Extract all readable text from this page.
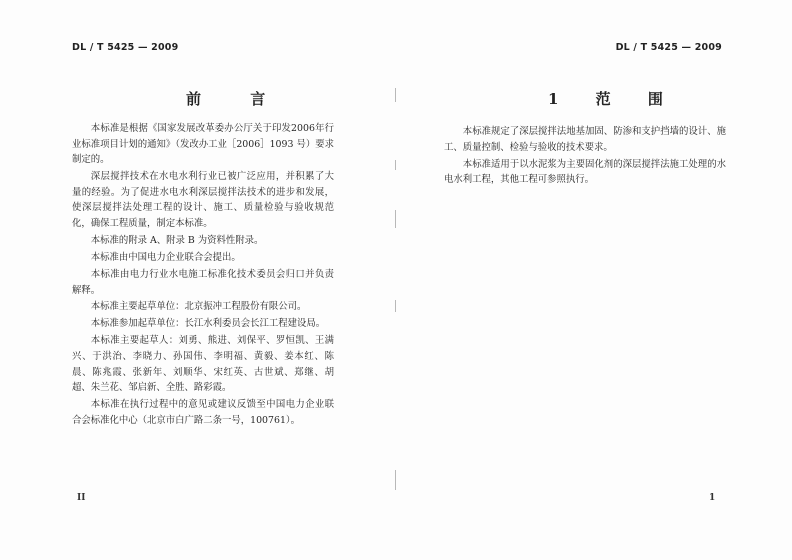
DL / T 5425 — 2009
前 言

本标准是根据《国家发展改革委办公厅关于印发2006年行业标准项目计划的通知》（发改办工业［2006］1093 号）要求制定的。

深层搅拌技术在水电水利行业已被广泛应用，并积累了大量的经验。为了促进水电水利深层搅拌法技术的进步和发展，使深层搅拌法处理工程的设计、施工、质量检验与验收规范化，确保工程质量，制定本标准。

本标准的附录 A、附录 B 为资料性附录。

本标准由中国电力企业联合会提出。

本标准由电力行业水电施工标准化技术委员会归口并负责解释。

本标准主要起草单位：北京振冲工程股份有限公司。

本标准参加起草单位：长江水利委员会长江工程建设局。

本标准主要起草人：刘勇、熊进、刘保平、罗恒凯、王满兴、于洪治、李晓力、孙国伟、李明福、黄毅、姜本红、陈晨、陈兆霞、张新年、刘顺华、宋红英、古世斌、郑继、胡超、朱兰花、邹启新、全胜、路彩霞。

本标准在执行过程中的意见或建议反馈至中国电力企业联合会标准化中心（北京市白广路二条一号，100761）。

II
DL / T 5425 — 2009
1 范 围

本标准规定了深层搅拌法地基加固、防渗和支护挡墙的设计、施工、质量控制、检验与验收的技术要求。

本标准适用于以水泥浆为主要固化剂的深层搅拌法施工处理的水电水利工程，其他工程可参照执行。

1
